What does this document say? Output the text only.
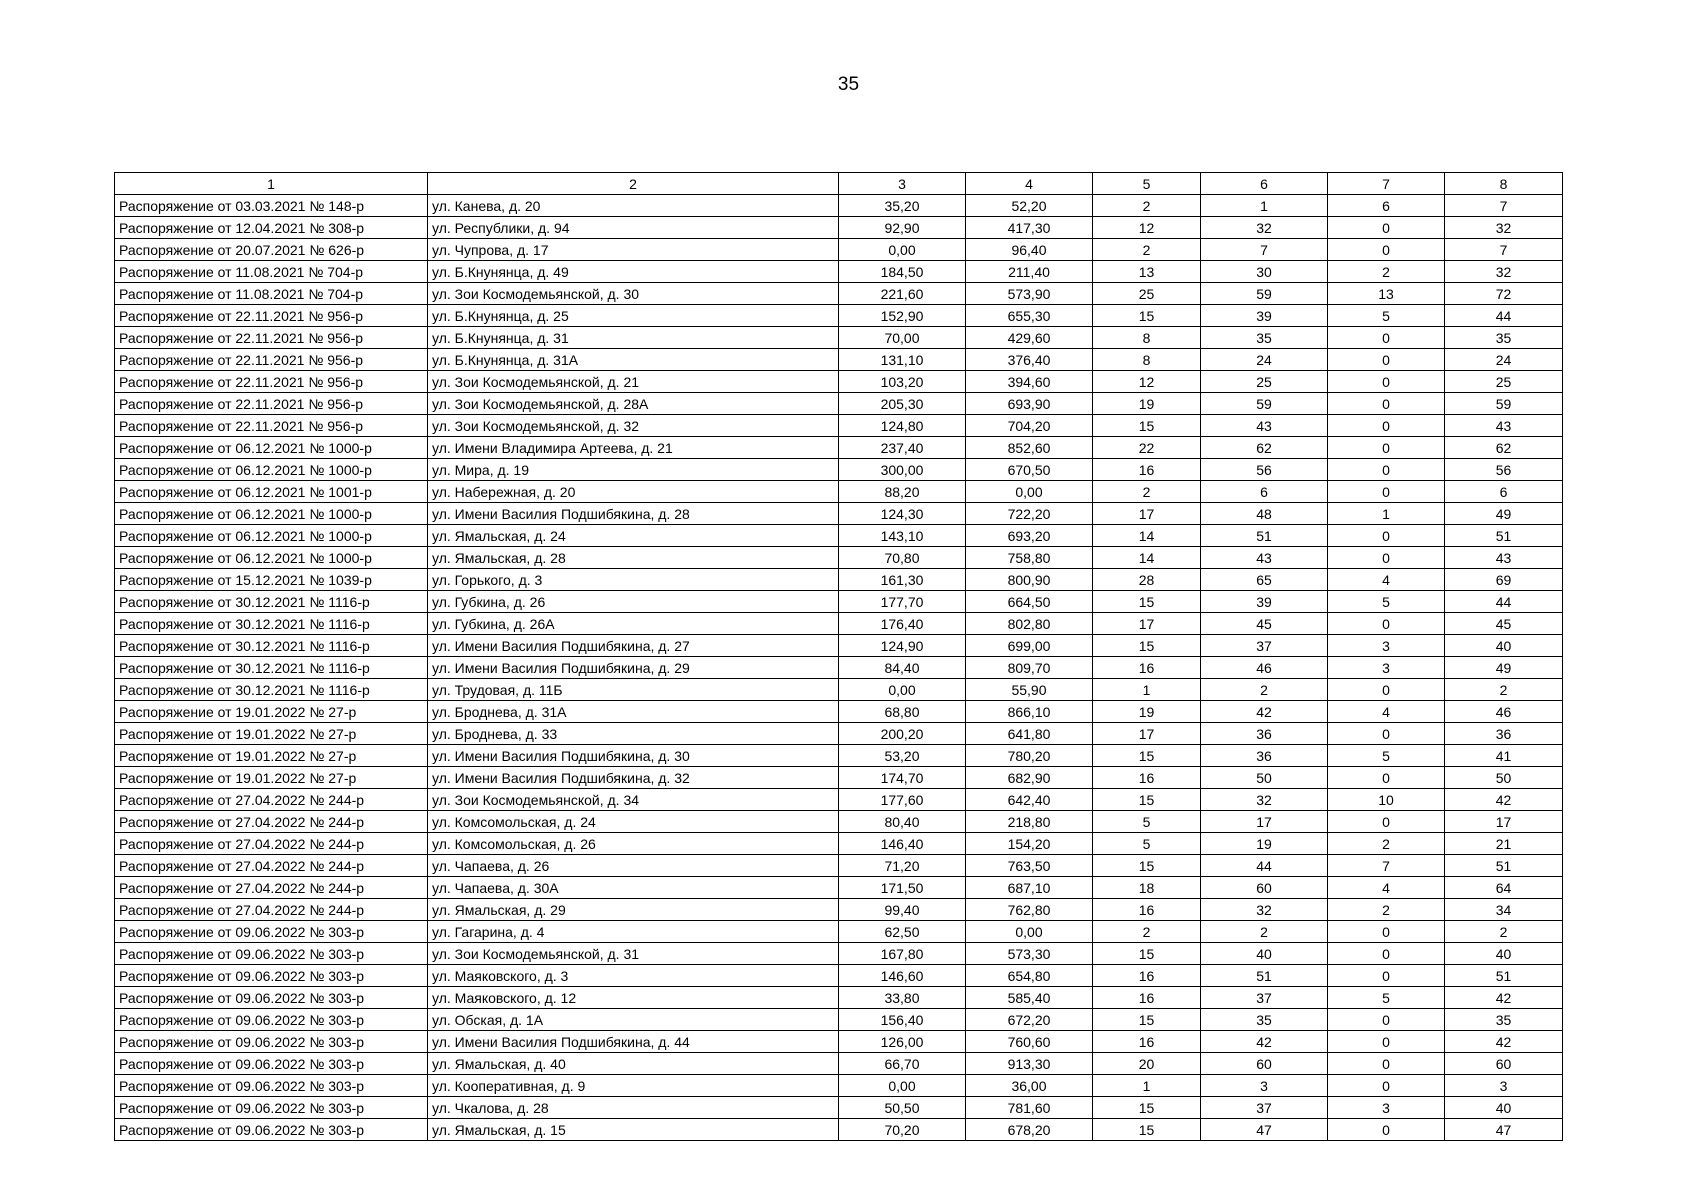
35
1	2	3	4	5	6	7	8
Распоряжение от 03.03.2021 № 148-р	ул. Канева, д. 20	35,20	52,20	2	1	6	7
Распоряжение от 12.04.2021 № 308-р	ул. Республики, д. 94	92,90	417,30	12	32	0	32
Распоряжение от 20.07.2021 № 626-р	ул. Чупрова, д. 17	0,00	96,40	2	7	0	7
Распоряжение от 11.08.2021 № 704-р	ул. Б.Кнунянца, д. 49	184,50	211,40	13	30	2	32
Распоряжение от 11.08.2021 № 704-р	ул. Зои Космодемьянской, д. 30	221,60	573,90	25	59	13	72
Распоряжение от 22.11.2021 № 956-р	ул. Б.Кнунянца, д. 25	152,90	655,30	15	39	5	44
Распоряжение от 22.11.2021 № 956-р	ул. Б.Кнунянца, д. 31	70,00	429,60	8	35	0	35
Распоряжение от 22.11.2021 № 956-р	ул. Б.Кнунянца, д. 31А	131,10	376,40	8	24	0	24
Распоряжение от 22.11.2021 № 956-р	ул. Зои Космодемьянской, д. 21	103,20	394,60	12	25	0	25
Распоряжение от 22.11.2021 № 956-р	ул. Зои Космодемьянской, д. 28А	205,30	693,90	19	59	0	59
Распоряжение от 22.11.2021 № 956-р	ул. Зои Космодемьянской, д. 32	124,80	704,20	15	43	0	43
Распоряжение от 06.12.2021 № 1000-р	ул. Имени Владимира Артеева, д. 21	237,40	852,60	22	62	0	62
Распоряжение от 06.12.2021 № 1000-р	ул. Мира, д. 19	300,00	670,50	16	56	0	56
Распоряжение от 06.12.2021 № 1001-р	ул. Набережная, д. 20	88,20	0,00	2	6	0	6
Распоряжение от 06.12.2021 № 1000-р	ул. Имени Василия Подшибякина, д. 28	124,30	722,20	17	48	1	49
Распоряжение от 06.12.2021 № 1000-р	ул. Ямальская, д. 24	143,10	693,20	14	51	0	51
Распоряжение от 06.12.2021 № 1000-р	ул. Ямальская, д. 28	70,80	758,80	14	43	0	43
Распоряжение от 15.12.2021 № 1039-р	ул. Горького, д. 3	161,30	800,90	28	65	4	69
Распоряжение от 30.12.2021 № 1116-р	ул. Губкина, д. 26	177,70	664,50	15	39	5	44
Распоряжение от 30.12.2021 № 1116-р	ул. Губкина, д. 26А	176,40	802,80	17	45	0	45
Распоряжение от 30.12.2021 № 1116-р	ул. Имени Василия Подшибякина, д. 27	124,90	699,00	15	37	3	40
Распоряжение от 30.12.2021 № 1116-р	ул. Имени Василия Подшибякина, д. 29	84,40	809,70	16	46	3	49
Распоряжение от 30.12.2021 № 1116-р	ул. Трудовая, д. 11Б	0,00	55,90	1	2	0	2
Распоряжение от 19.01.2022 № 27-р	ул. Броднева, д. 31А	68,80	866,10	19	42	4	46
Распоряжение от 19.01.2022 № 27-р	ул. Броднева, д. 33	200,20	641,80	17	36	0	36
Распоряжение от 19.01.2022 № 27-р	ул. Имени Василия Подшибякина, д. 30	53,20	780,20	15	36	5	41
Распоряжение от 19.01.2022 № 27-р	ул. Имени Василия Подшибякина, д. 32	174,70	682,90	16	50	0	50
Распоряжение от 27.04.2022 № 244-р	ул. Зои Космодемьянской, д. 34	177,60	642,40	15	32	10	42
Распоряжение от 27.04.2022 № 244-р	ул. Комсомольская, д. 24	80,40	218,80	5	17	0	17
Распоряжение от 27.04.2022 № 244-р	ул. Комсомольская, д. 26	146,40	154,20	5	19	2	21
Распоряжение от 27.04.2022 № 244-р	ул. Чапаева, д. 26	71,20	763,50	15	44	7	51
Распоряжение от 27.04.2022 № 244-р	ул. Чапаева, д. 30А	171,50	687,10	18	60	4	64
Распоряжение от 27.04.2022 № 244-р	ул. Ямальская, д. 29	99,40	762,80	16	32	2	34
Распоряжение от 09.06.2022 № 303-р	ул. Гагарина, д. 4	62,50	0,00	2	2	0	2
Распоряжение от 09.06.2022 № 303-р	ул. Зои Космодемьянской, д. 31	167,80	573,30	15	40	0	40
Распоряжение от 09.06.2022 № 303-р	ул. Маяковского, д. 3	146,60	654,80	16	51	0	51
Распоряжение от 09.06.2022 № 303-р	ул. Маяковского, д. 12	33,80	585,40	16	37	5	42
Распоряжение от 09.06.2022 № 303-р	ул. Обская, д. 1А	156,40	672,20	15	35	0	35
Распоряжение от 09.06.2022 № 303-р	ул. Имени Василия Подшибякина, д. 44	126,00	760,60	16	42	0	42
Распоряжение от 09.06.2022 № 303-р	ул. Ямальская, д. 40	66,70	913,30	20	60	0	60
Распоряжение от 09.06.2022 № 303-р	ул. Кооперативная, д. 9	0,00	36,00	1	3	0	3
Распоряжение от 09.06.2022 № 303-р	ул. Чкалова, д. 28	50,50	781,60	15	37	3	40
Распоряжение от 09.06.2022 № 303-р	ул. Ямальская, д. 15	70,20	678,20	15	47	0	47
